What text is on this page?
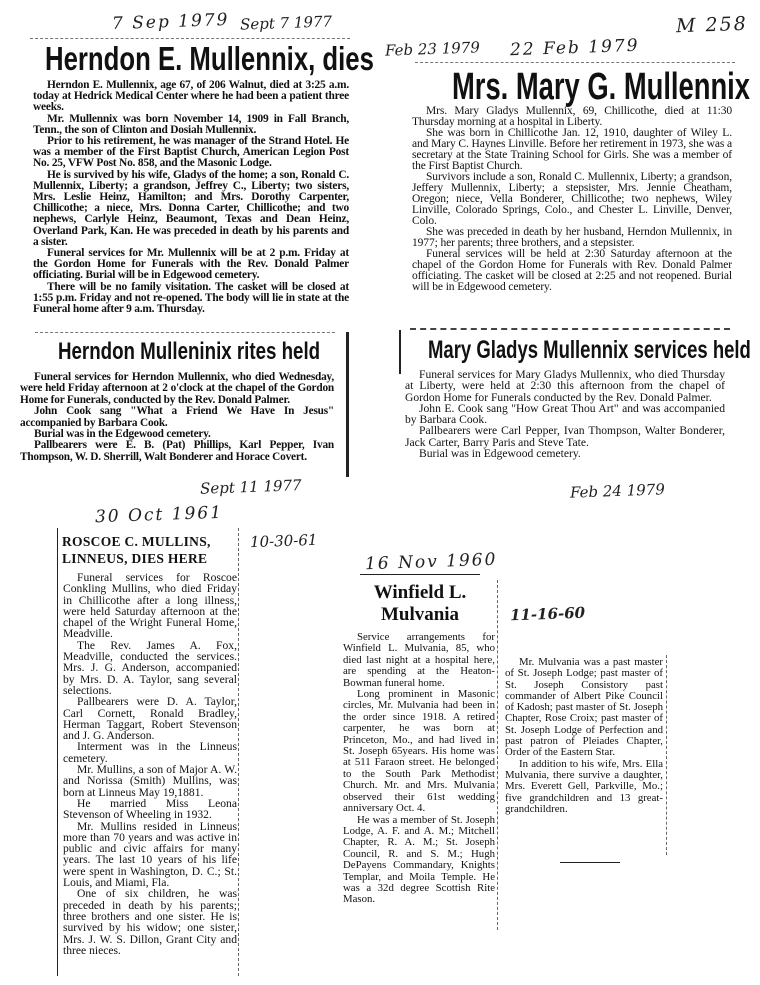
7 Sep 1979 Sept 7 1977	M 258
Feb 23 1979 22 Feb 1979
Herndon E. Mullennix, dies

Herndon E. Mullennix, age 67, of 206 Walnut, died at 3:25 a.m. today at Hedrick Medical Center where he had been a patient three weeks.

Mr. Mullennix was born November 14, 1909 in Fall Branch, Tenn., the son of Clinton and Dosiah Mullennix.

Prior to his retirement, he was manager of the Strand Hotel. He was a member of the First Baptist Church, American Legion Post No. 25, VFW Post No. 858, and the Masonic Lodge.

He is survived by his wife, Gladys of the home; a son, Ronald C. Mullennix, Liberty; a grandson, Jeffrey C., Liberty; two sisters, Mrs. Leslie Heinz, Hamilton; and Mrs. Dorothy Carpenter, Chillicothe; a niece, Mrs. Donna Carter, Chillicothe; and two nephews, Carlyle Heinz, Beaumont, Texas and Dean Heinz, Overland Park, Kan. He was preceded in death by his parents and a sister.

Funeral services for Mr. Mullennix will be at 2 p.m. Friday at the Gordon Home for Funerals with the Rev. Donald Palmer officiating. Burial will be in Edgewood cemetery.

There will be no family visitation. The casket will be closed at 1:55 p.m. Friday and not re-opened. The body will lie in state at the Funeral home after 9 a.m. Thursday.

Mrs. Mary G. Mullennix

Mrs. Mary Gladys Mullennix, 69, Chillicothe, died at 11:30 Thursday morning at a hospital in Liberty.

She was born in Chillicothe Jan. 12, 1910, daughter of Wiley L. and Mary C. Haynes Linville. Before her retirement in 1973, she was a secretary at the State Training School for Girls. She was a member of the First Baptist Church.

Survivors include a son, Ronald C. Mullennix, Liberty; a grandson, Jeffery Mullennix, Liberty; a stepsister, Mrs. Jennie Cheatham, Oregon; niece, Vella Bonderer, Chillicothe; two nephews, Wiley Linville, Colorado Springs, Colo., and Chester L. Linville, Denver, Colo.

She was preceded in death by her husband, Herndon Mullennix, in 1977; her parents; three brothers, and a stepsister.

Funeral services will be held at 2:30 Saturday afternoon at the chapel of the Gordon Home for Funerals with Rev. Donald Palmer officiating. The casket will be closed at 2:25 and not reopened. Burial will be in Edgewood cemetery.

Herndon Mulleninix rites held

Funeral services for Herndon Mullennix, who died Wednesday, were held Friday afternoon at 2 o'clock at the chapel of the Gordon Home for Funerals, conducted by the Rev. Donald Palmer.

John Cook sang "What a Friend We Have In Jesus" accompanied by Barbara Cook.

Burial was in the Edgewood cemetery.

Pallbearers were E. B. (Pat) Phillips, Karl Pepper, Ivan Thompson, W. D. Sherrill, Walt Bonderer and Horace Covert.

Sept 11 1977
Mary Gladys Mullennix services held

Funeral services for Mary Gladys Mullennix, who died Thursday at Liberty, were held at 2:30 this afternoon from the chapel of Gordon Home for Funerals conducted by the Rev. Donald Palmer.

John E. Cook sang "How Great Thou Art" and was accompanied by Barbara Cook.

Pallbearers were Carl Pepper, Ivan Thompson, Walter Bonderer, Jack Carter, Barry Paris and Steve Tate.

Burial was in Edgewood cemetery.

Feb 24 1979
30 Oct 1961
10-30-61
ROSCOE C. MULLINS,
LINNEUS, DIES HERE

Funeral services for Roscoe Conkling Mullins, who died Friday in Chillicothe after a long illness, were held Saturday afternoon at the chapel of the Wright Funeral Home, Meadville.

The Rev. James A. Fox, Meadville, conducted the services. Mrs. J. G. Anderson, accompanied by Mrs. D. A. Taylor, sang several selections.

Pallbearers were D. A. Taylor, Carl Cornett, Ronald Bradley, Herman Taggart, Robert Stevenson and J. G. Anderson.

Interment was in the Linneus cemetery.

Mr. Mullins, a son of Major A. W. and Norissa (Smith) Mullins, was born at Linneus May 19,1881.

He married Miss Leona Stevenson of Wheeling in 1932.

Mr. Mullins resided in Linneus more than 70 years and was active in public and civic affairs for many years. The last 10 years of his life were spent in Washington, D. C.; St. Louis, and Miami, Fla.

One of six children, he was preceded in death by his parents; three brothers and one sister. He is survived by his widow; one sister, Mrs. J. W. S. Dillon, Grant City and three nieces.

16 Nov 1960
Winfield L.
Mulvania	11-16-60

Service arrangements for Winfield L. Mulvania, 85, who died last night at a hospital here, are spending at the Heaton-Bowman funeral home.

Long prominent in Masonic circles, Mr. Mulvania had been in the order since 1918. A retired carpenter, he was born at Princeton, Mo., and had lived in St. Joseph 65years. His home was at 511 Faraon street. He belonged to the South Park Methodist Church. Mr. and Mrs. Mulvania observed their 61st wedding anniversary Oct. 4.

He was a member of St. Joseph Lodge, A. F. and A. M.; Mitchell Chapter, R. A. M.; St. Joseph Council, R. and S. M.; Hugh DePayens Commandary, Knights Templar, and Moila Temple. He was a 32d degree Scottish Rite Mason.

Mr. Mulvania was a past master of St. Joseph Lodge; past master of St. Joseph Consistory past commander of Albert Pike Council of Kadosh; past master of St. Joseph Chapter, Rose Croix; past master of St. Joseph Lodge of Perfection and past patron of Pleiades Chapter, Order of the Eastern Star.

In addition to his wife, Mrs. Ella Mulvania, there survive a daughter, Mrs. Everett Gell, Parkville, Mo.; five grandchildren and 13 great-grandchildren.
